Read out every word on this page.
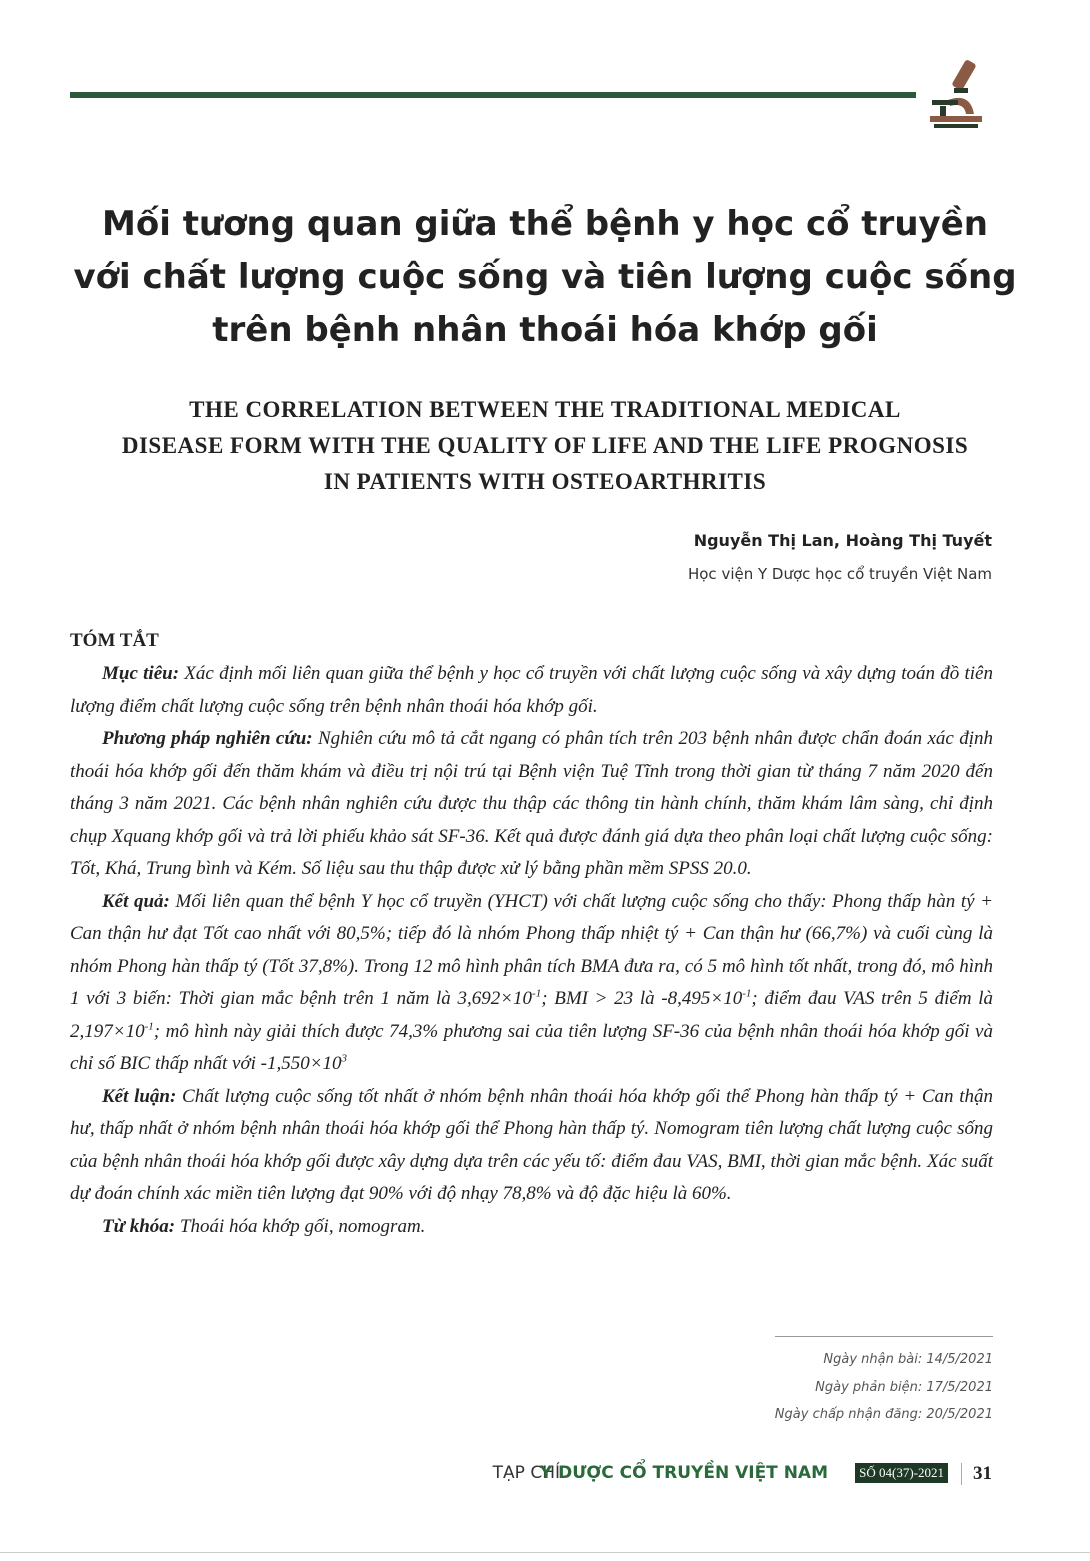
Mối tương quan giữa thể bệnh y học cổ truyền
với chất lượng cuộc sống và tiên lượng cuộc sống
trên bệnh nhân thoái hóa khớp gối
THE CORRELATION BETWEEN THE TRADITIONAL MEDICAL
DISEASE FORM WITH THE QUALITY OF LIFE AND THE LIFE PROGNOSIS
IN PATIENTS WITH OSTEOARTHRITIS
Nguyễn Thị Lan, Hoàng Thị Tuyết
Học viện Y Dược học cổ truyền Việt Nam
TÓM TẮT

Mục tiêu: Xác định mối liên quan giữa thể bệnh y học cổ truyền với chất lượng cuộc sống và xây dựng toán đồ tiên lượng điểm chất lượng cuộc sống trên bệnh nhân thoái hóa khớp gối.

Phương pháp nghiên cứu: Nghiên cứu mô tả cắt ngang có phân tích trên 203 bệnh nhân được chẩn đoán xác định thoái hóa khớp gối đến thăm khám và điều trị nội trú tại Bệnh viện Tuệ Tĩnh trong thời gian từ tháng 7 năm 2020 đến tháng 3 năm 2021. Các bệnh nhân nghiên cứu được thu thập các thông tin hành chính, thăm khám lâm sàng, chỉ định chụp Xquang khớp gối và trả lời phiếu khảo sát SF-36. Kết quả được đánh giá dựa theo phân loại chất lượng cuộc sống: Tốt, Khá, Trung bình và Kém. Số liệu sau thu thập được xử lý bằng phần mềm SPSS 20.0.

Kết quả: Mối liên quan thể bệnh Y học cổ truyền (YHCT) với chất lượng cuộc sống cho thấy: Phong thấp hàn tý + Can thận hư đạt Tốt cao nhất với 80,5%; tiếp đó là nhóm Phong thấp nhiệt tý + Can thận hư (66,7%) và cuối cùng là nhóm Phong hàn thấp tý (Tốt 37,8%). Trong 12 mô hình phân tích BMA đưa ra, có 5 mô hình tốt nhất, trong đó, mô hình 1 với 3 biến: Thời gian mắc bệnh trên 1 năm là $3,692\times 10^{-1}$; BMI > 23 là $-8,495\times 10^{-1}$; điểm đau VAS trên 5 điểm là $2,197\times 10^{-1}$; mô hình này giải thích được 74,3% phương sai của tiên lượng SF-36 của bệnh nhân thoái hóa khớp gối và chỉ số BIC thấp nhất với $-1,550\times 10^3$

Kết luận: Chất lượng cuộc sống tốt nhất ở nhóm bệnh nhân thoái hóa khớp gối thể Phong hàn thấp tý + Can thận hư, thấp nhất ở nhóm bệnh nhân thoái hóa khớp gối thể Phong hàn thấp tý. Nomogram tiên lượng chất lượng cuộc sống của bệnh nhân thoái hóa khớp gối được xây dựng dựa trên các yếu tố: điểm đau VAS, BMI, thời gian mắc bệnh. Xác suất dự đoán chính xác miền tiên lượng đạt 90% với độ nhạy 78,8% và độ đặc hiệu là 60%.

Từ khóa: Thoái hóa khớp gối, nomogram.

Ngày nhận bài: 14/5/2021
Ngày phản biện: 17/5/2021
Ngày chấp nhận đăng: 20/5/2021
TẠP CHÍ
Y DƯỢC CỔ TRUYỀN VIỆT NAM	SỐ 04(37)-2021 31
